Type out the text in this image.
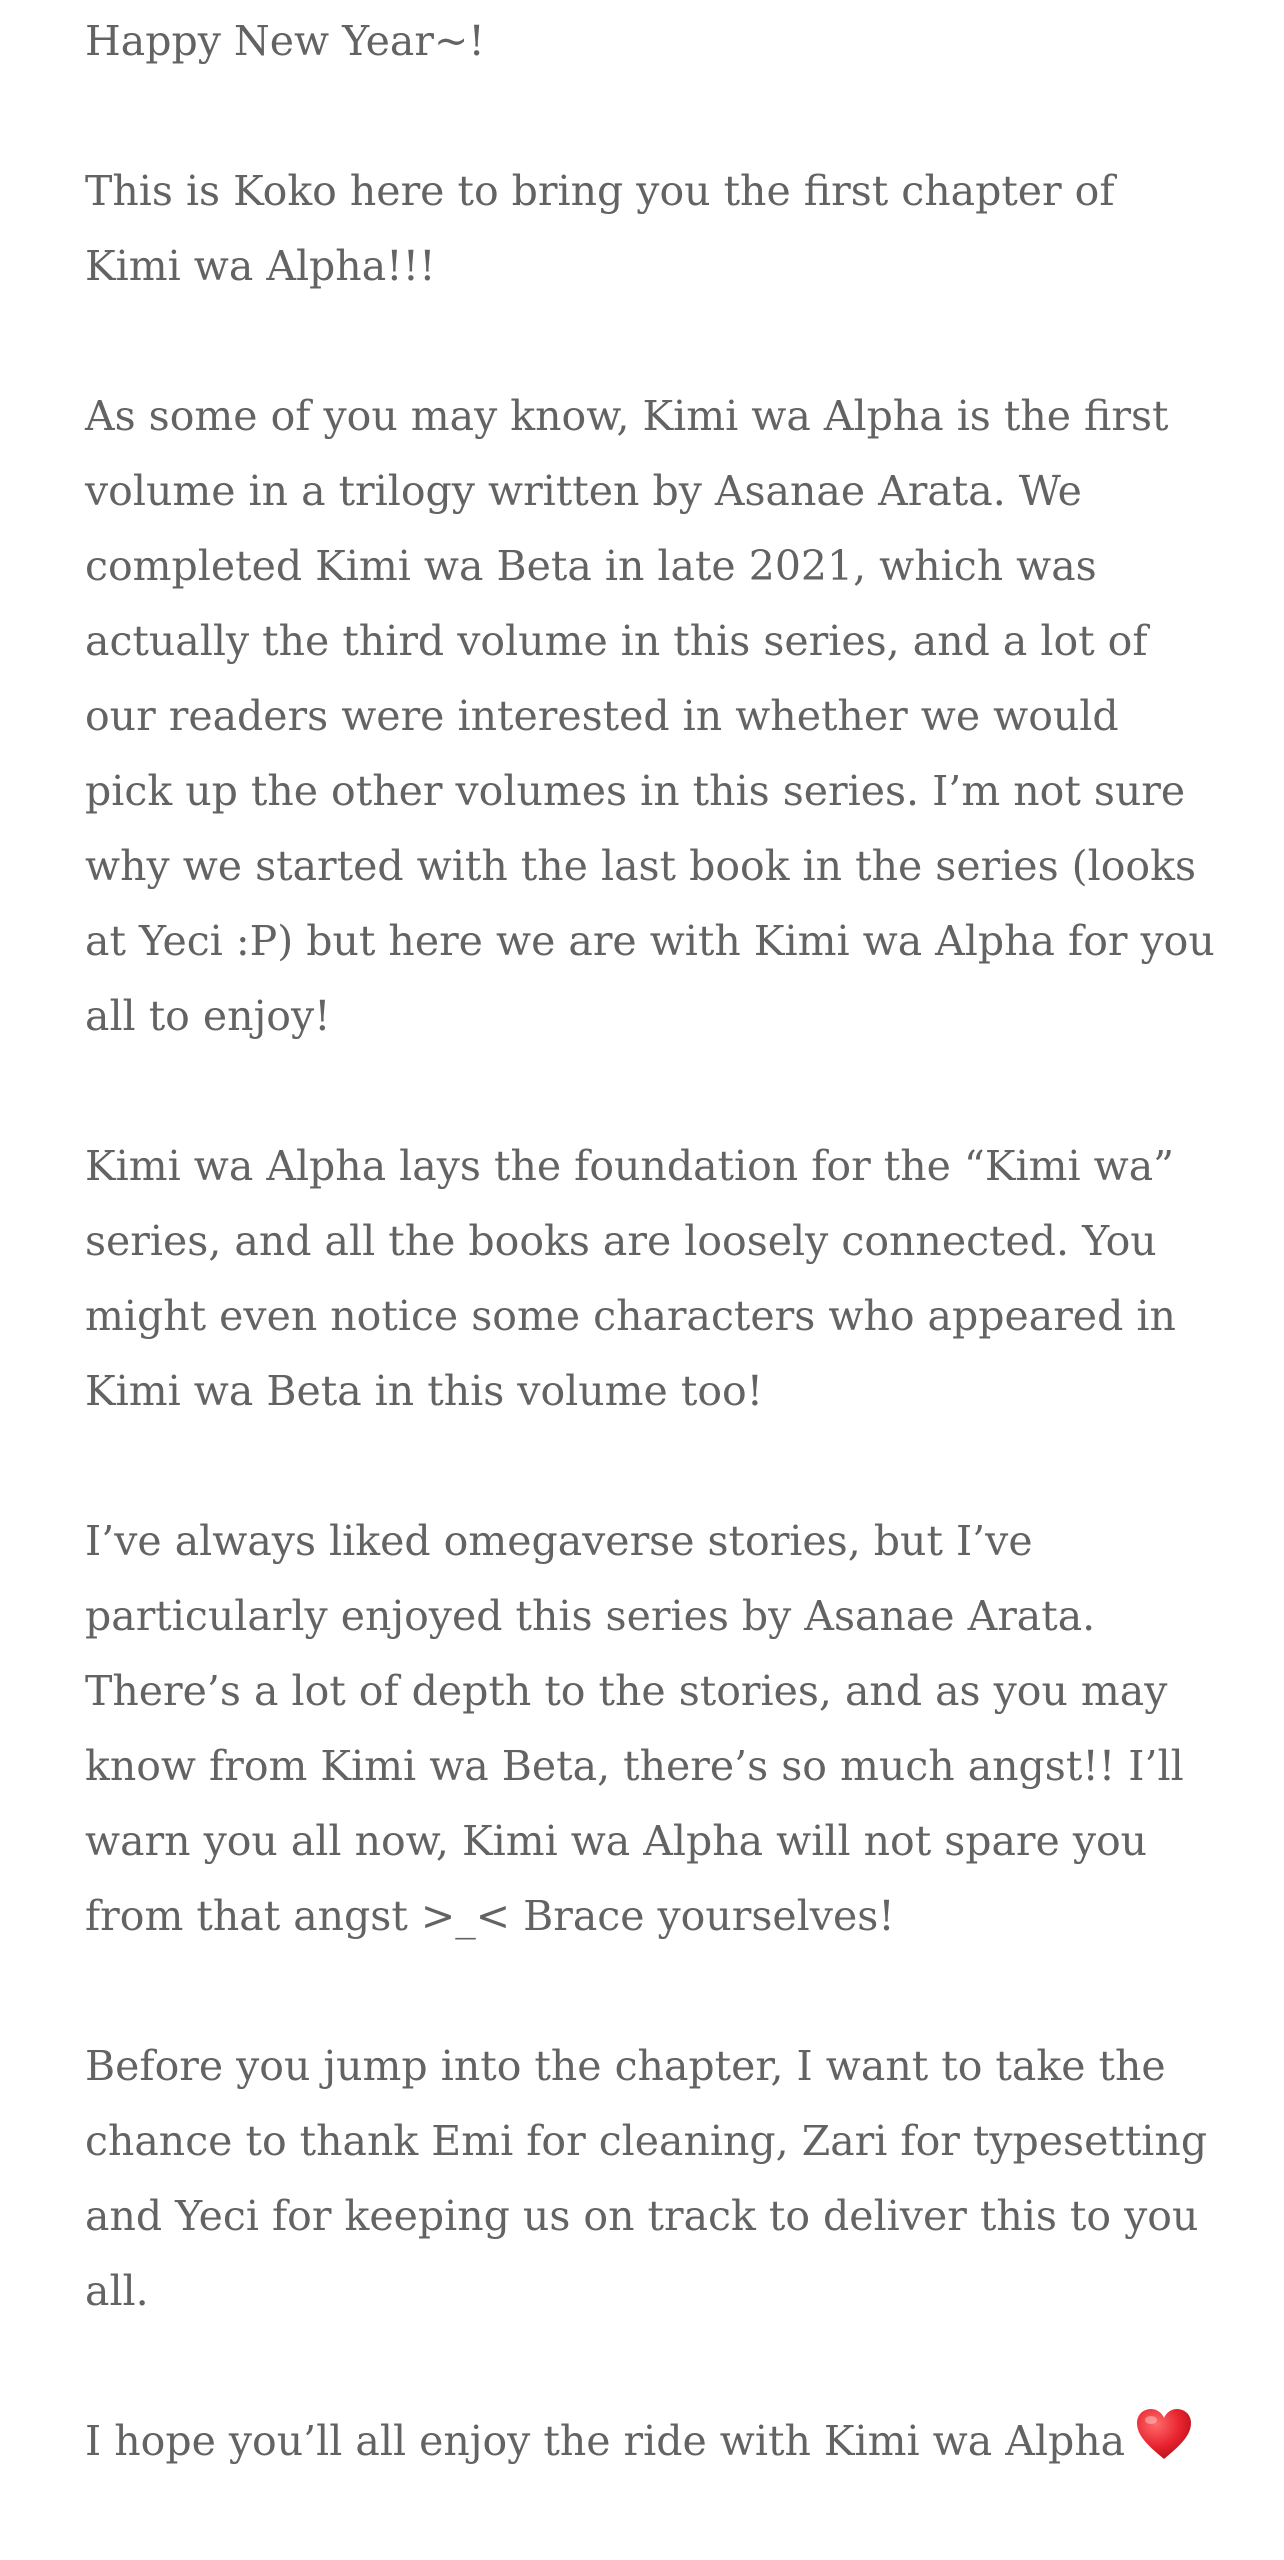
Happy New Year~!

This is Koko here to bring you the first chapter of Kimi wa Alpha!!!

As some of you may know, Kimi wa Alpha is the first volume in a trilogy written by Asanae Arata. We completed Kimi wa Beta in late 2021, which was actually the third volume in this series, and a lot of our readers were interested in whether we would pick up the other volumes in this series. I’m not sure why we started with the last book in the series (looks at Yeci :P) but here we are with Kimi wa Alpha for you all to enjoy!

Kimi wa Alpha lays the foundation for the “Kimi wa” series, and all the books are loosely connected. You might even notice some characters who appeared in Kimi wa Beta in this volume too!

I’ve always liked omegaverse stories, but I’ve particularly enjoyed this series by Asanae Arata. There’s a lot of depth to the stories, and as you may know from Kimi wa Beta, there’s so much angst!! I’ll warn you all now, Kimi wa Alpha will not spare you from that angst >_< Brace yourselves!

Before you jump into the chapter, I want to take the chance to thank Emi for cleaning, Zari for typesetting and Yeci for keeping us on track to deliver this to you all.

I hope you’ll all enjoy the ride with Kimi wa Alpha
